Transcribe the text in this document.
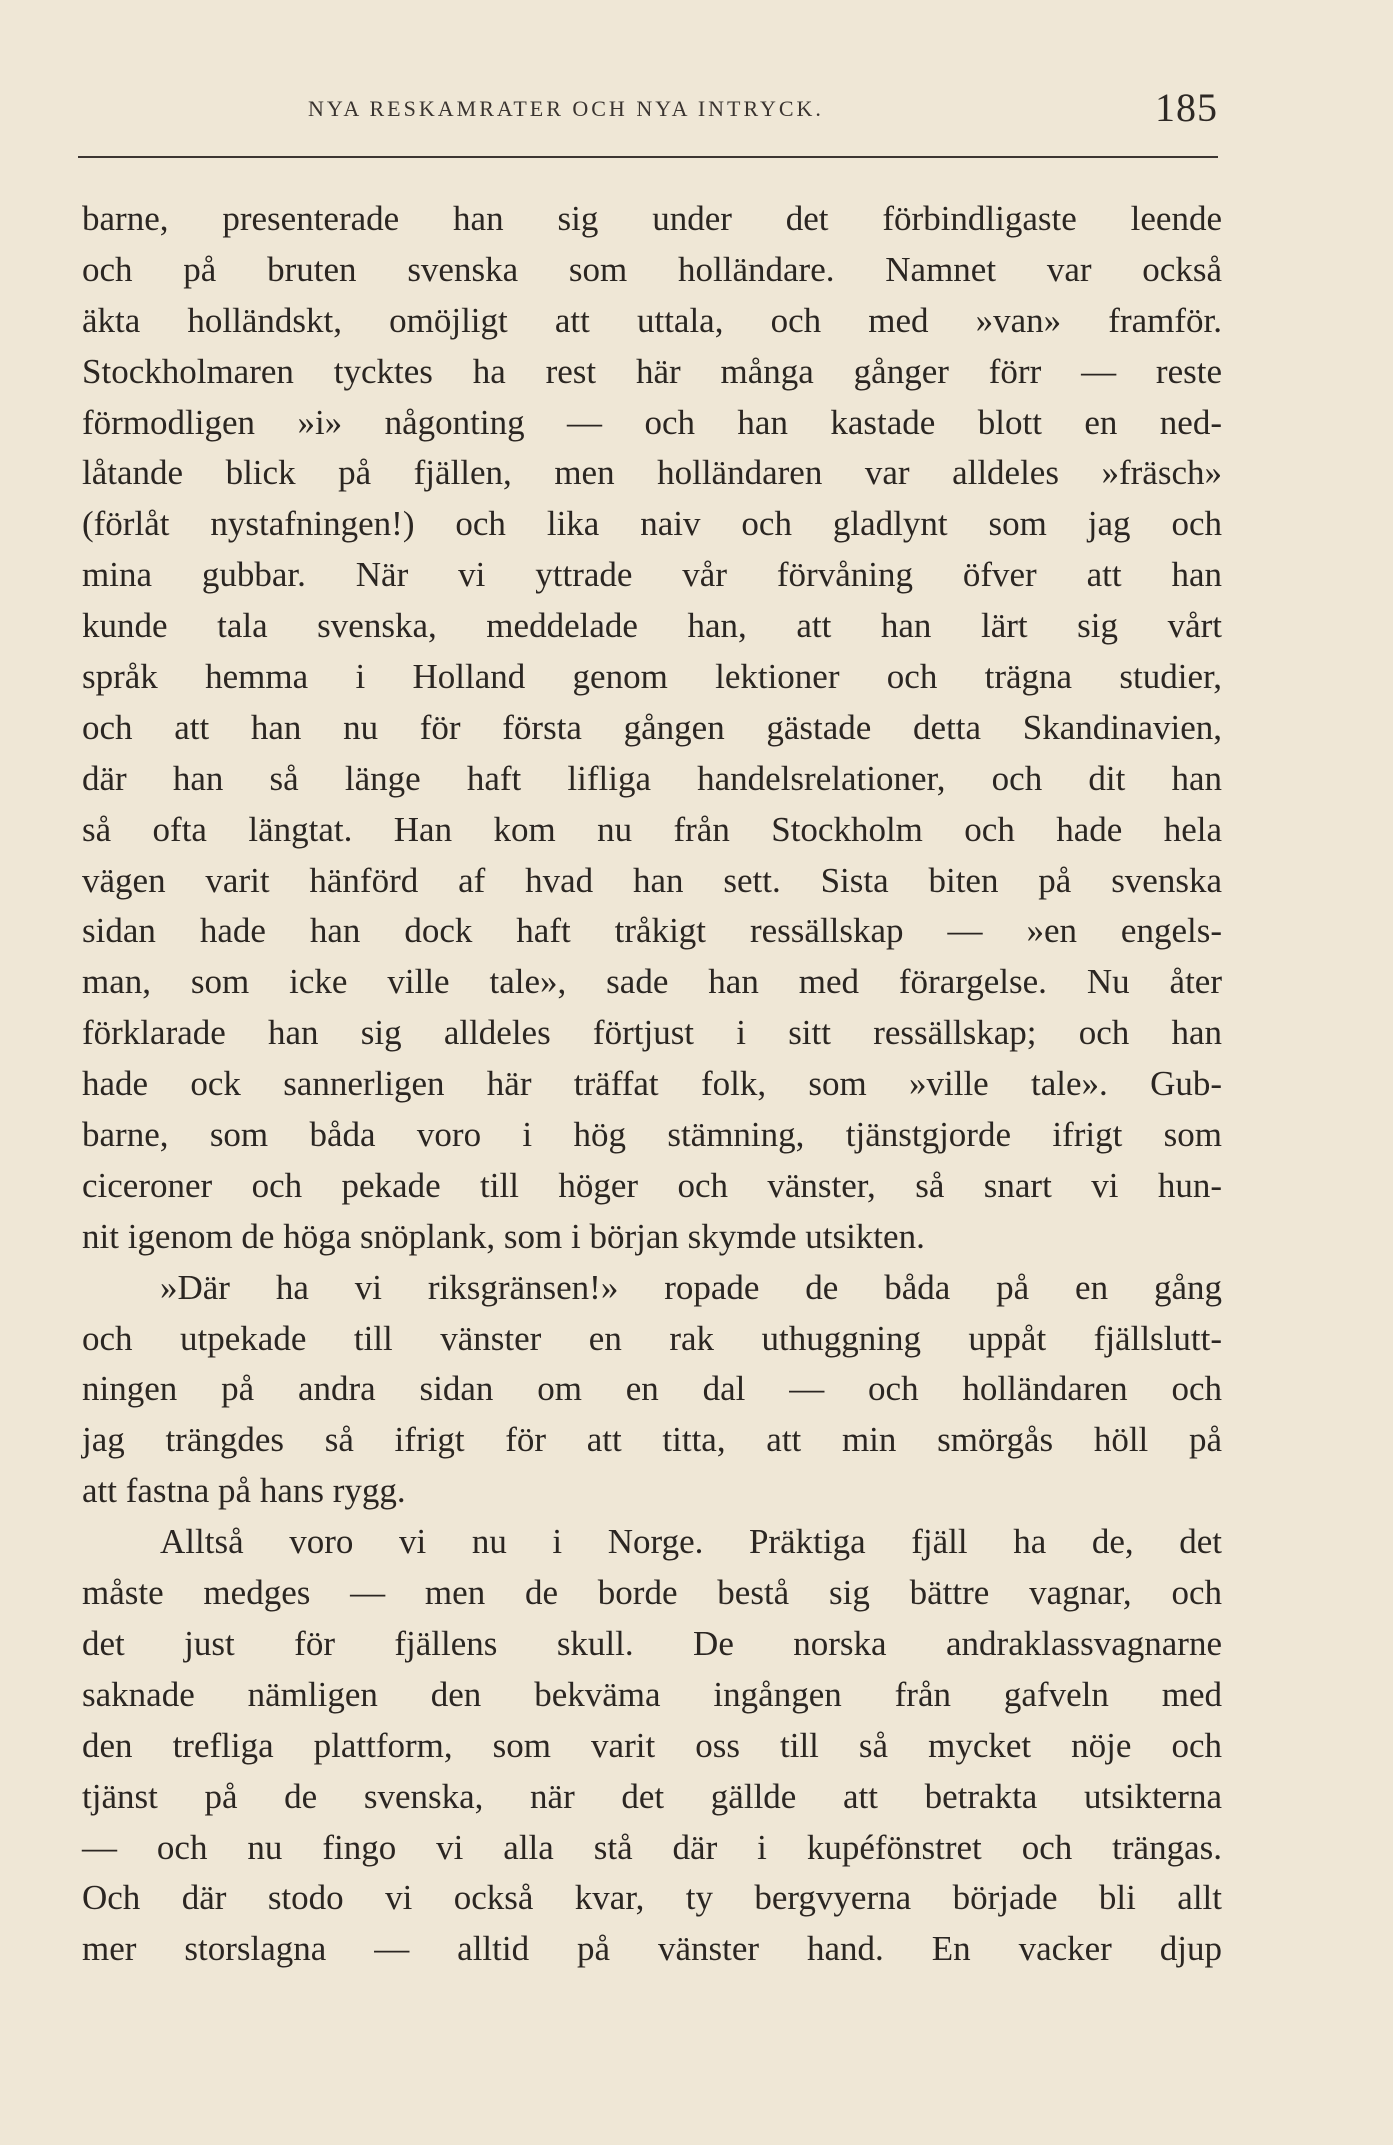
NYA RESKAMRATER OCH NYA INTRYCK.	185
barne, presenterade han sig under det förbindligaste leende
och på bruten svenska som holländare. Namnet var också
äkta holländskt, omöjligt att uttala, och med »van» framför.
Stockholmaren tycktes ha rest här många gånger förr — reste
förmodligen »i» någonting — och han kastade blott en ned-
låtande blick på fjällen, men holländaren var alldeles »fräsch»
(förlåt nystafningen!) och lika naiv och gladlynt som jag och
mina gubbar. När vi yttrade vår förvåning öfver att han
kunde tala svenska, meddelade han, att han lärt sig vårt
språk hemma i Holland genom lektioner och trägna studier,
och att han nu för första gången gästade detta Skandinavien,
där han så länge haft lifliga handelsrelationer, och dit han
så ofta längtat. Han kom nu från Stockholm och hade hela
vägen varit hänförd af hvad han sett. Sista biten på svenska
sidan hade han dock haft tråkigt ressällskap — »en engels-
man, som icke ville tale», sade han med förargelse. Nu åter
förklarade han sig alldeles förtjust i sitt ressällskap; och han
hade ock sannerligen här träffat folk, som »ville tale». Gub-
barne, som båda voro i hög stämning, tjänstgjorde ifrigt som
ciceroner och pekade till höger och vänster, så snart vi hun-
nit igenom de höga snöplank, som i början skymde utsikten.
»Där ha vi riksgränsen!» ropade de båda på en gång
och utpekade till vänster en rak uthuggning uppåt fjällslutt-
ningen på andra sidan om en dal — och holländaren och
jag trängdes så ifrigt för att titta, att min smörgås höll på
att fastna på hans rygg.
Alltså voro vi nu i Norge. Präktiga fjäll ha de, det
måste medges — men de borde bestå sig bättre vagnar, och
det just för fjällens skull. De norska andraklassvagnarne
saknade nämligen den bekväma ingången från gafveln med
den trefliga plattform, som varit oss till så mycket nöje och
tjänst på de svenska, när det gällde att betrakta utsikterna
— och nu fingo vi alla stå där i kupéfönstret och trängas.
Och där stodo vi också kvar, ty bergvyerna började bli allt
mer storslagna — alltid på vänster hand. En vacker djup
